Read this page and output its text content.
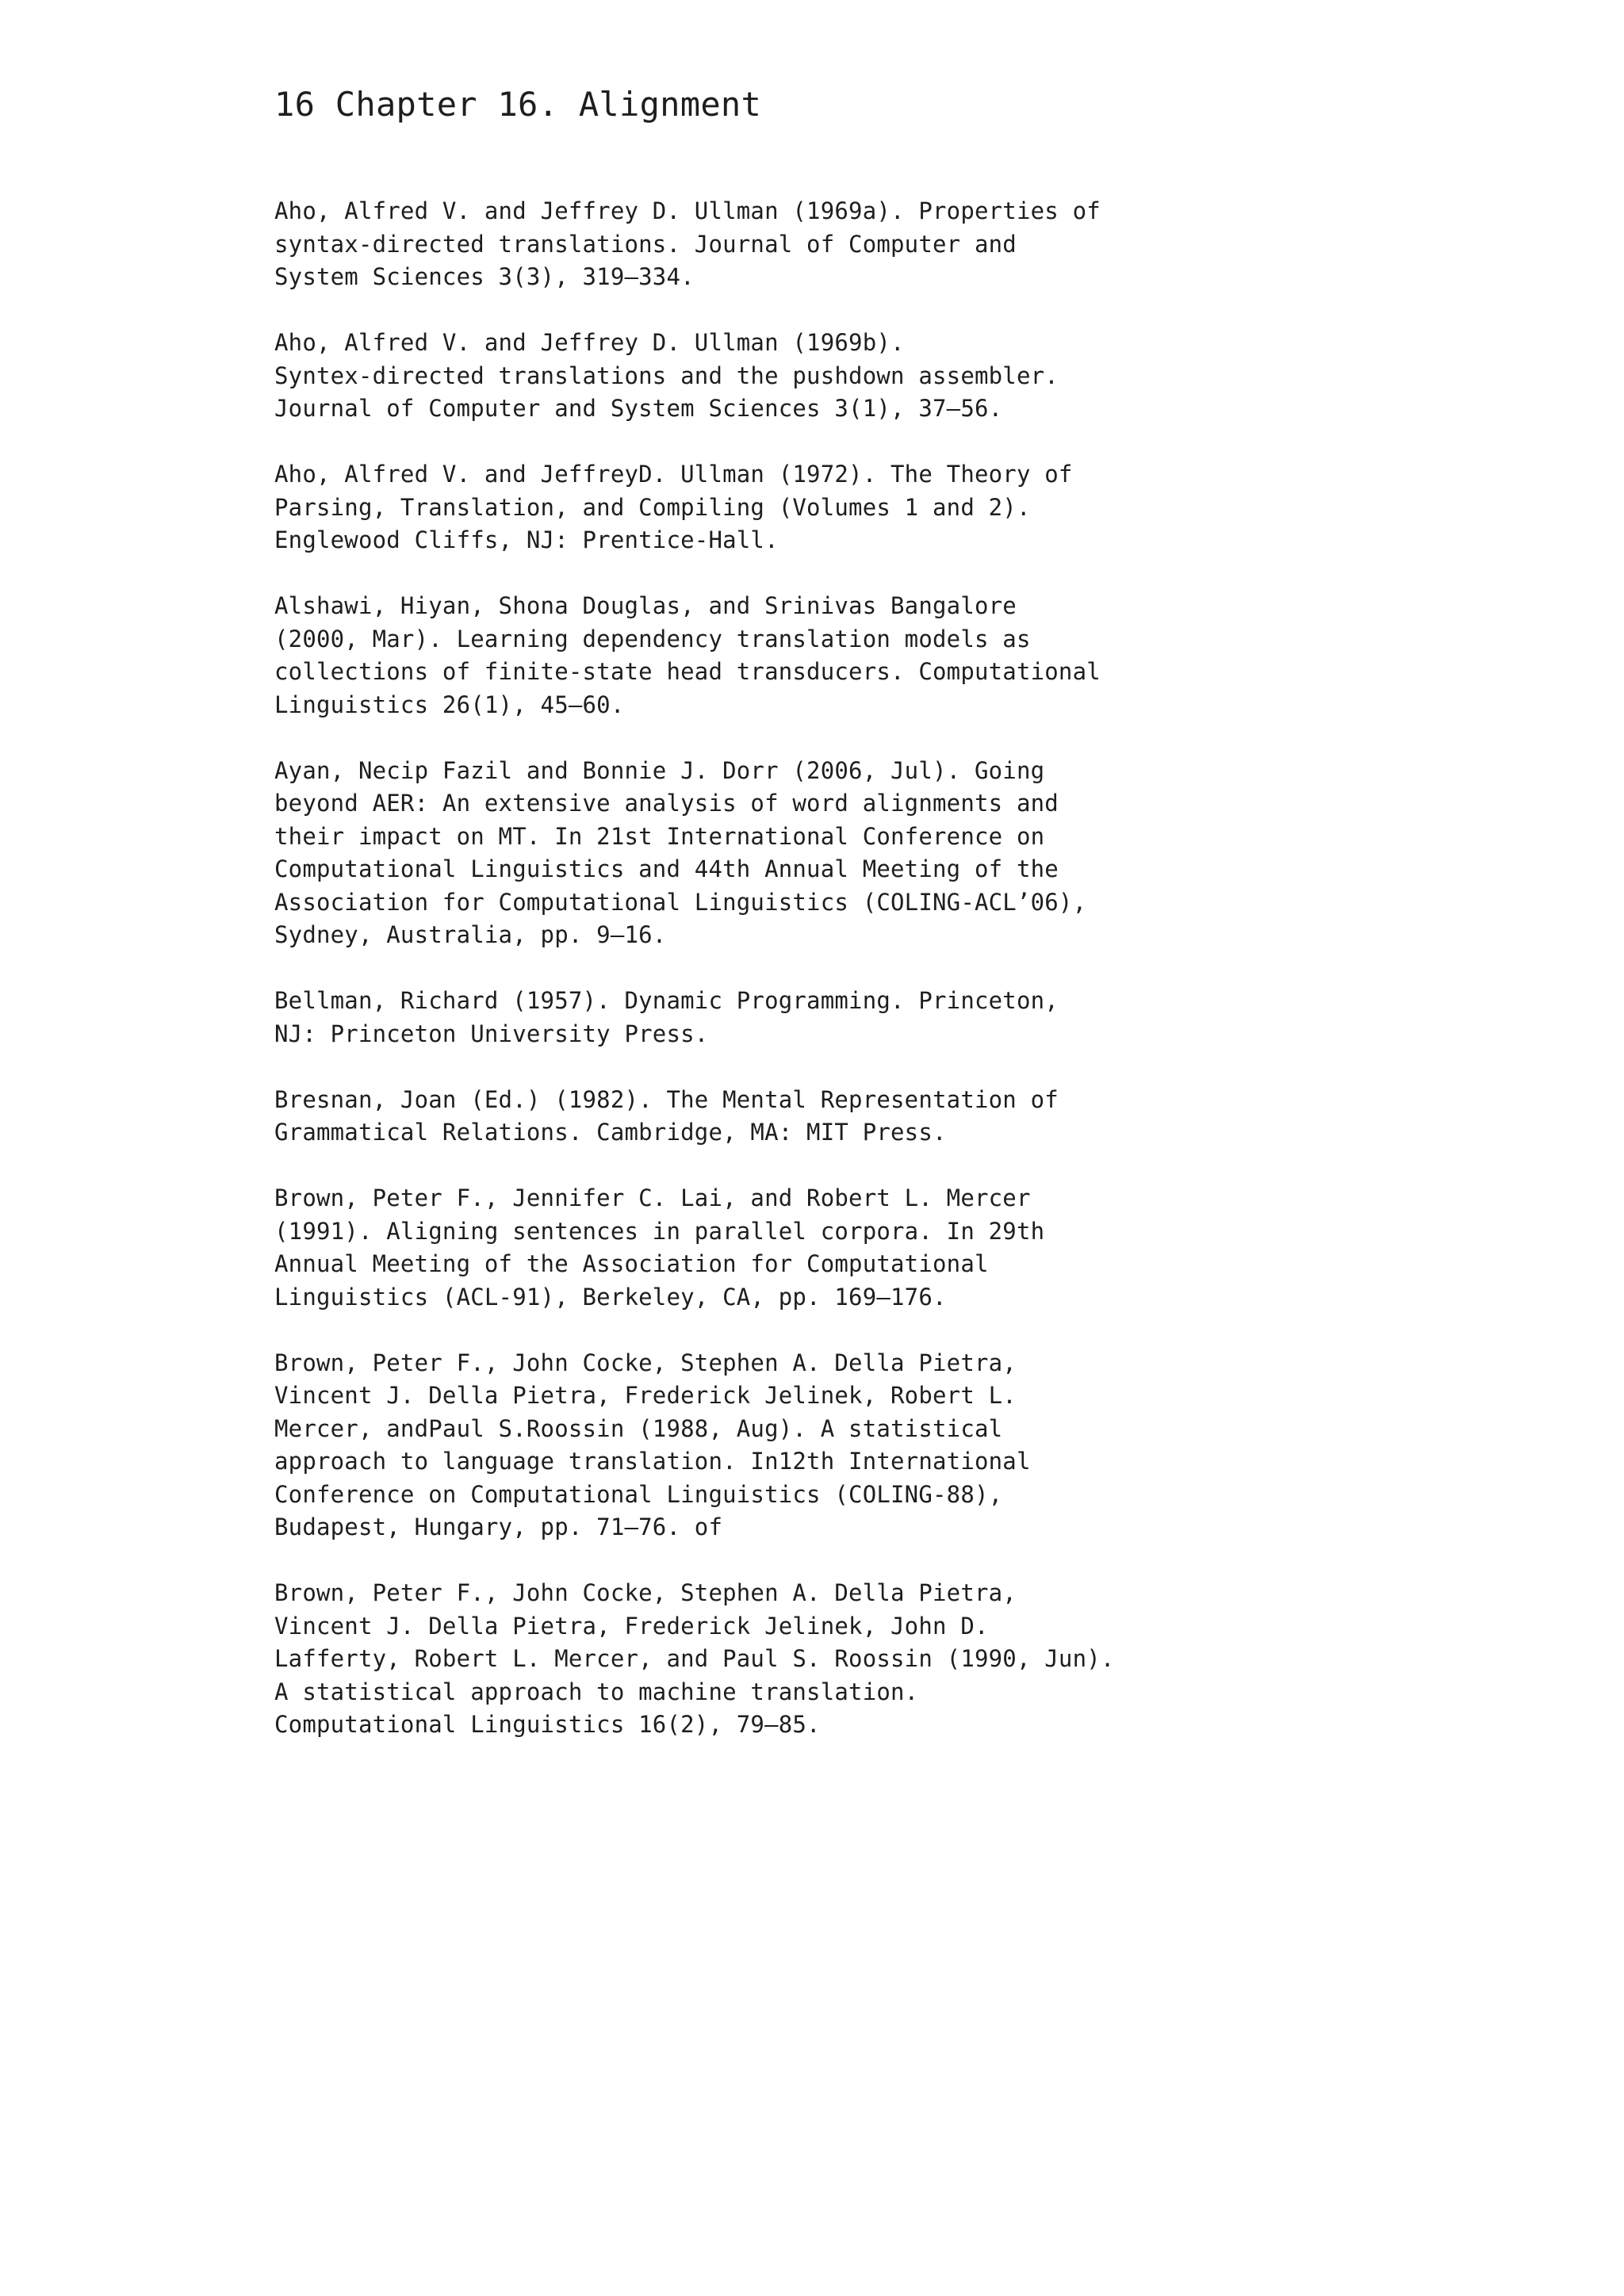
16 Chapter 16. Alignment
Aho, Alfred V. and Jeffrey D. Ullman (1969a). Properties of
syntax-directed translations. Journal of Computer and
System Sciences 3(3), 319–334.
Aho, Alfred V. and Jeffrey D. Ullman (1969b).
Syntex-directed translations and the pushdown assembler.
Journal of Computer and System Sciences 3(1), 37–56.
Aho, Alfred V. and JeffreyD. Ullman (1972). The Theory of
Parsing, Translation, and Compiling (Volumes 1 and 2).
Englewood Cliffs, NJ: Prentice-Hall.
Alshawi, Hiyan, Shona Douglas, and Srinivas Bangalore
(2000, Mar). Learning dependency translation models as
collections of finite-state head transducers. Computational
Linguistics 26(1), 45–60.
Ayan, Necip Fazil and Bonnie J. Dorr (2006, Jul). Going
beyond AER: An extensive analysis of word alignments and
their impact on MT. In 21st International Conference on
Computational Linguistics and 44th Annual Meeting of the
Association for Computational Linguistics (COLING-ACL’06),
Sydney, Australia, pp. 9–16.
Bellman, Richard (1957). Dynamic Programming. Princeton,
NJ: Princeton University Press.
Bresnan, Joan (Ed.) (1982). The Mental Representation of
Grammatical Relations. Cambridge, MA: MIT Press.
Brown, Peter F., Jennifer C. Lai, and Robert L. Mercer
(1991). Aligning sentences in parallel corpora. In 29th
Annual Meeting of the Association for Computational
Linguistics (ACL-91), Berkeley, CA, pp. 169–176.
Brown, Peter F., John Cocke, Stephen A. Della Pietra,
Vincent J. Della Pietra, Frederick Jelinek, Robert L.
Mercer, andPaul S.Roossin (1988, Aug). A statistical
approach to language translation. In12th International
Conference on Computational Linguistics (COLING-88),
Budapest, Hungary, pp. 71–76. of
Brown, Peter F., John Cocke, Stephen A. Della Pietra,
Vincent J. Della Pietra, Frederick Jelinek, John D.
Lafferty, Robert L. Mercer, and Paul S. Roossin (1990, Jun).
A statistical approach to machine translation.
Computational Linguistics 16(2), 79–85.
